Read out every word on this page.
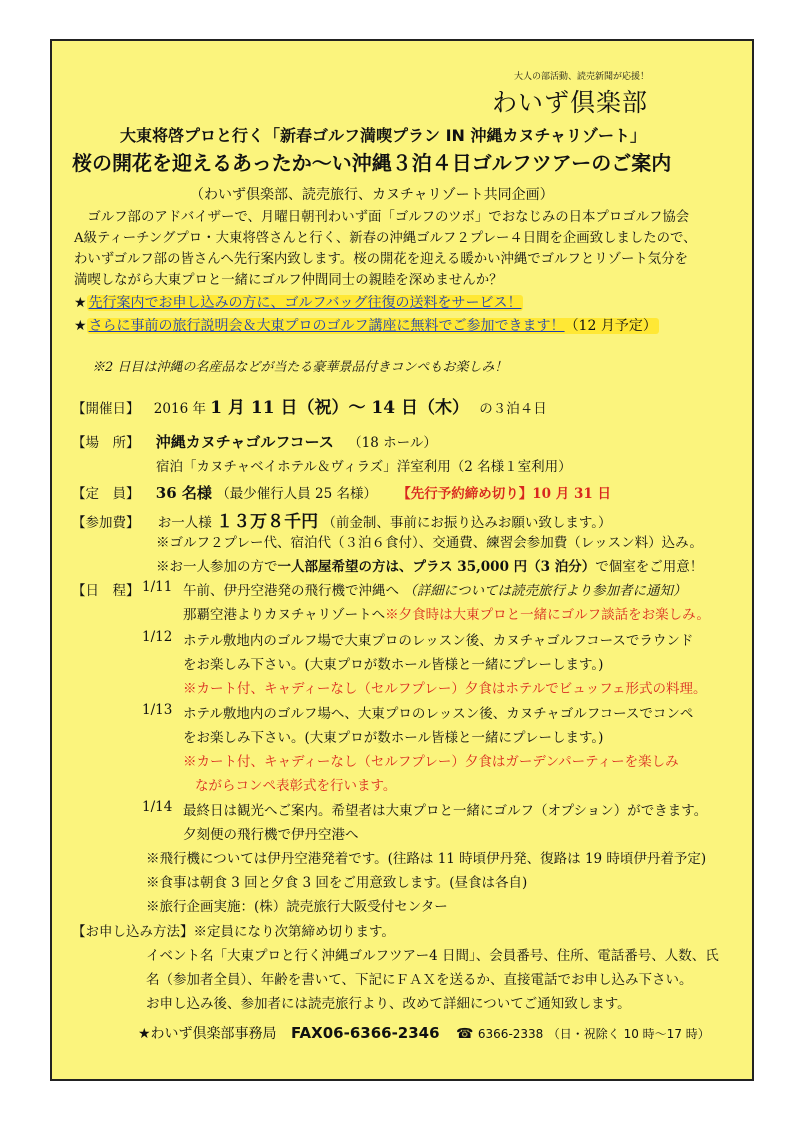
大人の部活動、読売新聞が応援！
わいず倶楽部
大東将啓プロと行く「新春ゴルフ満喫プラン IN 沖縄カヌチャリゾート」
桜の開花を迎えるあったか～い沖縄３泊４日ゴルフツアーのご案内
（わいず倶楽部、読売旅行、カヌチャリゾート共同企画）

ゴルフ部のアドバイザーで、月曜日朝刊わいず面「ゴルフのツボ」でおなじみの日本プロゴルフ協会

A級ティーチングプロ・大東将啓さんと行く、新春の沖縄ゴルフ２プレー４日間を企画致しましたので、

わいずゴルフ部の皆さんへ先行案内致します。桜の開花を迎える暖かい沖縄でゴルフとリゾート気分を

満喫しながら大東プロと一緒にゴルフ仲間同士の親睦を深めませんか？

★ 先行案内でお申し込みの方に、ゴルフバッグ往復の送料をサービス！

★ さらに事前の旅行説明会＆大東プロのゴルフ講座に無料でご参加できます！（12 月予定）

※2 日目は沖縄の名産品などが当たる豪華景品付きコンペもお楽しみ！
【開催日】 2016 年 1 月 11 日（祝）～ 14 日（木） の３泊４日
【場　所】 沖縄カヌチャゴルフコース （18 ホール）
宿泊「カヌチャベイホテル＆ヴィラズ」洋室利用（2 名様１室利用）
【定　員】 36 名様 （最少催行人員 25 名様） 【先行予約締め切り】10 月 31 日
【参加費】 お一人様 １３万８千円 （前金制、事前にお振り込みお願い致します。）
※ゴルフ２プレー代、宿泊代（３泊６食付）、交通費、練習会参加費（レッスン料）込み。
※お一人参加の方で一人部屋希望の方は、プラス 35,000 円（3 泊分）で個室をご用意！
【日　程】 1/11 午前、伊丹空港発の飛行機で沖縄へ （詳細については読売旅行より参加者に通知）
那覇空港よりカヌチャリゾートへ※夕食時は大東プロと一緒にゴルフ談話をお楽しみ。
1/12 ホテル敷地内のゴルフ場で大東プロのレッスン後、カヌチャゴルフコースでラウンド
をお楽しみ下さい。(大東プロが数ホール皆様と一緒にプレーします。)
※カート付、キャディーなし（セルフプレー）夕食はホテルでビュッフェ形式の料理。
1/13 ホテル敷地内のゴルフ場へ、大東プロのレッスン後、カヌチャゴルフコースでコンペ
をお楽しみ下さい。(大東プロが数ホール皆様と一緒にプレーします。)
※カート付、キャディーなし（セルフプレー）夕食はガーデンパーティーを楽しみ
ながらコンペ表彰式を行います。
1/14 最終日は観光へご案内。希望者は大東プロと一緒にゴルフ（オプション）ができます。
夕刻便の飛行機で伊丹空港へ
※飛行機については伊丹空港発着です。(往路は 11 時頃伊丹発、復路は 19 時頃伊丹着予定)
※食事は朝食 3 回と夕食 3 回をご用意致します。(昼食は各自)
※旅行企画実施：(株）読売旅行大阪受付センター
【お申し込み方法】※定員になり次第締め切ります。
イベント名「大東プロと行く沖縄ゴルフツアー4 日間」、会員番号、住所、電話番号、人数、氏
名（参加者全員）、年齢を書いて、下記にＦＡＸを送るか、直接電話でお申し込み下さい。
お申し込み後、参加者には読売旅行より、改めて詳細についてご通知致します。
★わいず倶楽部事務局 FAX06-6366-2346 ☎ 6366-2338 （日・祝除く 10 時～17 時）
